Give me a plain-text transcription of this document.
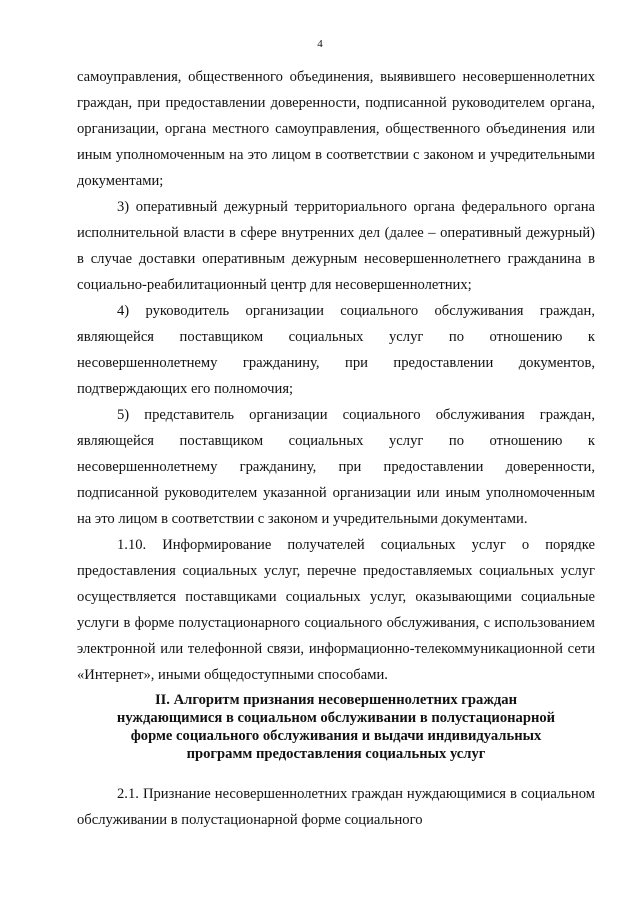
4

самоуправления, общественного объединения, выявившего несовершеннолетних граждан, при предоставлении доверенности, подписанной руководителем органа, организации, органа местного самоуправления, общественного объединения или иным уполномоченным на это лицом в соответствии с законом и учредительными документами;

3) оперативный дежурный территориального органа федерального органа исполнительной власти в сфере внутренних дел (далее – оперативный дежурный) в случае доставки оперативным дежурным несовершеннолетнего гражданина в социально-реабилитационный центр для несовершеннолетних;

4) руководитель организации социального обслуживания граждан, являющейся поставщиком социальных услуг по отношению к несовершеннолетнему гражданину, при предоставлении документов, подтверждающих его полномочия;

5) представитель организации социального обслуживания граждан, являющейся поставщиком социальных услуг по отношению к несовершеннолетнему гражданину, при предоставлении доверенности, подписанной руководителем указанной организации или иным уполномоченным на это лицом в соответствии с законом и учредительными документами.

1.10. Информирование получателей социальных услуг о порядке предоставления социальных услуг, перечне предоставляемых социальных услуг осуществляется поставщиками социальных услуг, оказывающими социальные услуги в форме полустационарного социального обслуживания, с использованием электронной или телефонной связи, информационно-телекоммуникационной сети «Интернет», иными общедоступными способами.

II. Алгоритм признания несовершеннолетних граждан нуждающимися в социальном обслуживании в полустационарной форме социального обслуживания и выдачи индивидуальных программ предоставления социальных услуг

2.1. Признание несовершеннолетних граждан нуждающимися в социальном обслуживании в полустационарной форме социального
